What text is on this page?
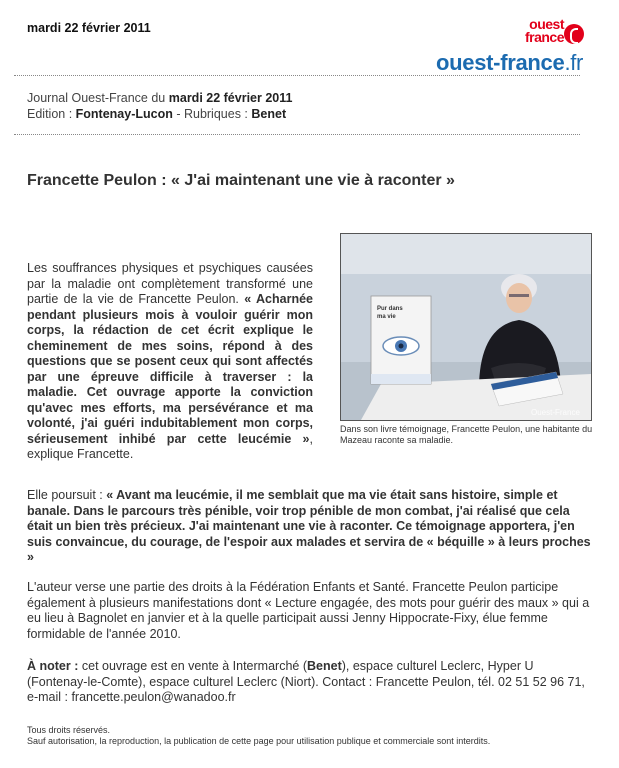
mardi 22 février 2011	ouest
france
ouest-france.fr
Journal Ouest-France du mardi 22 février 2011
Edition : Fontenay-Lucon - Rubriques : Benet
Francette Peulon : « J'ai maintenant une vie à raconter »
Pur dans
ma vie
Ouest-France
Dans son livre témoignage, Francette Peulon, une habitante du Mazeau raconte sa maladie.
Les souffrances physiques et psychiques causées par la maladie ont complètement transformé une partie de la vie de Francette Peulon. « Acharnée pendant plusieurs mois à vouloir guérir mon corps, la rédaction de cet écrit explique le cheminement de mes soins, répond à des questions que se posent ceux qui sont affectés par une épreuve difficile à traverser : la maladie. Cet ouvrage apporte la conviction qu'avec mes efforts, ma persévérance et ma volonté, j'ai guéri indubitablement mon corps, sérieusement inhibé par cette leucémie », explique Francette.
Elle poursuit : « Avant ma leucémie, il me semblait que ma vie était sans histoire, simple et banale. Dans le parcours très pénible, voir trop pénible de mon combat, j'ai réalisé que cela était un bien très précieux. J'ai maintenant une vie à raconter. Ce témoignage apportera, j'en suis convaincue, du courage, de l'espoir aux malades et servira de « béquille » à leurs proches »
L'auteur verse une partie des droits à la Fédération Enfants et Santé. Francette Peulon participe également à plusieurs manifestations dont « Lecture engagée, des mots pour guérir des maux » qui a eu lieu à Bagnolet en janvier et à la quelle participait aussi Jenny Hippocrate-Fixy, élue femme formidable de l'année 2010.
À noter : cet ouvrage est en vente à Intermarché (Benet), espace culturel Leclerc, Hyper U (Fontenay-le-Comte), espace culturel Leclerc (Niort). Contact : Francette Peulon, tél. 02 51 52 96 71, e-mail : francette.peulon@wanadoo.fr
Tous droits réservés.
Sauf autorisation, la reproduction, la publication de cette page pour utilisation publique et commerciale sont interdits.
